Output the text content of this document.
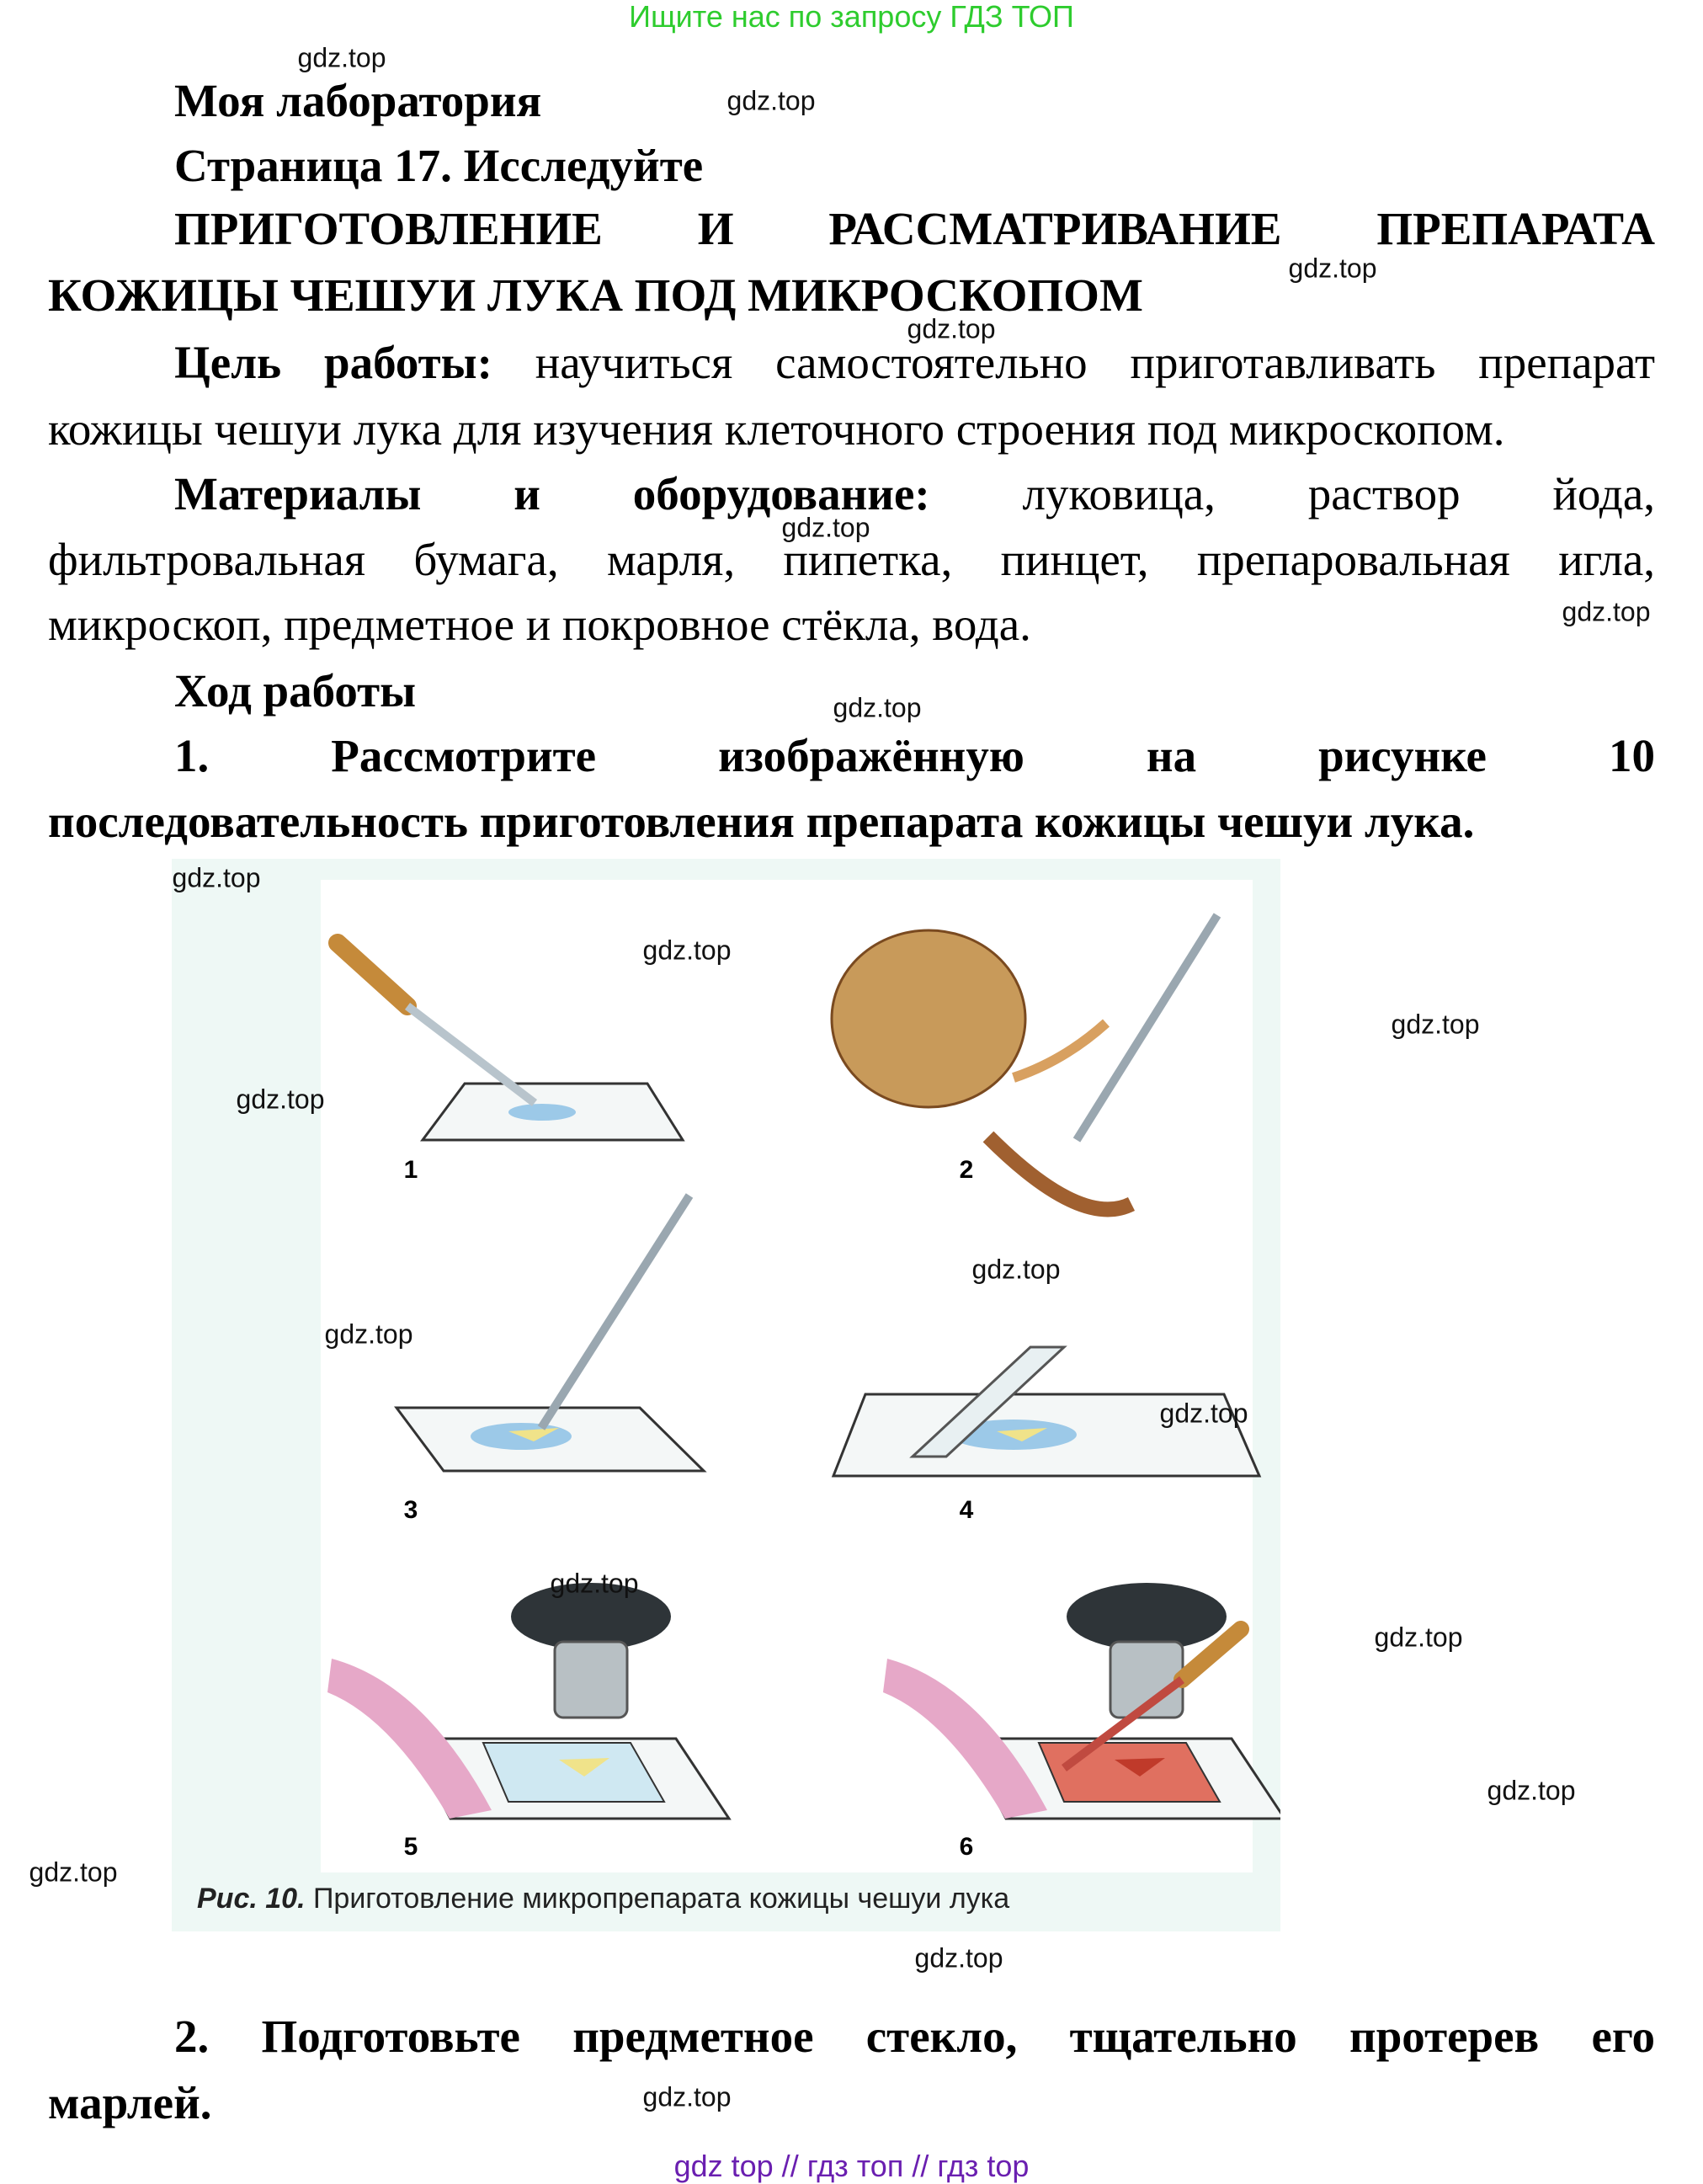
Ищите нас по запросу ГДЗ ТОП
Моя лаборатория
Страница 17. Исследуйте
ПРИГОТОВЛЕНИЕ И РАССМАТРИВАНИЕ ПРЕПАРАТА
КОЖИЦЫ ЧЕШУИ ЛУКА ПОД МИКРОСКОПОМ
Цель работы: научиться самостоятельно приготавливать препарат
кожицы чешуи лука для изучения клеточного строения под микроскопом.
Материалы и оборудование: луковица, раствор йода,
фильтровальная бумага, марля, пипетка, пинцет, препаровальная игла,
микроскоп, предметное и покровное стёкла, вода.
Ход работы
1. Рассмотрите изображённую на рисунке 10
последовательность приготовления препарата кожицы чешуи лука.
1	2
3	4
5	6
Рис. 10. Приготовление микропрепарата кожицы чешуи лука
2. Подготовьте предметное стекло, тщательно протерев его
марлей.
gdz.top
gdz.top
gdz.top
gdz.top
gdz.top
gdz.top
gdz.top
gdz.top
gdz.top
gdz.top
gdz.top
gdz.top
gdz.top
gdz.top
gdz.top
gdz.top
gdz.top
gdz.top
gdz.top
gdz.top
gdz top // гдз топ // гдз top
